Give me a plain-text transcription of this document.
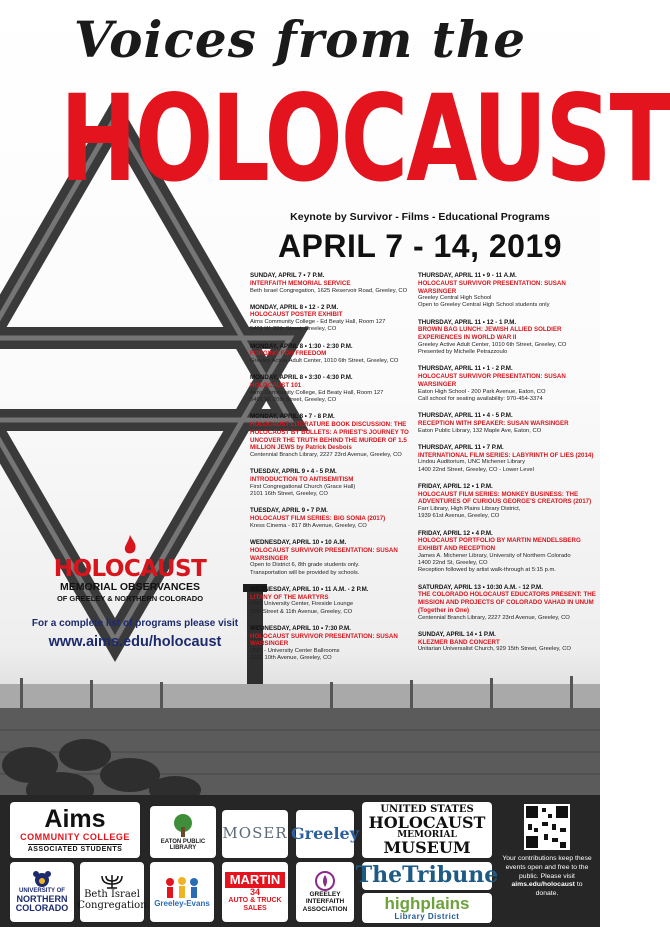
Voices from the
HOLOCAUST
Keynote by Survivor - Films - Educational Programs
APRIL 7 - 14, 2019
SUNDAY, APRIL 7 • 7 P.M.
INTERFAITH MEMORIAL SERVICE
Beth Israel Congregation, 1625 Reservoir Road, Greeley, CO
MONDAY, APRIL 8 • 12 - 2 P.M.
HOLOCAUST POSTER EXHIBIT
Aims Community College - Ed Beaty Hall, Room 127
5401 W. 20th Street, Greeley, CO
MONDAY, APRIL 8 • 1:30 - 2:30 P.M.
FORGING FOR FREEDOM
Greeley Active Adult Center, 1010 6th Street, Greeley, CO
MONDAY, APRIL 8 • 3:30 - 4:30 P.M.
HOLOCAUST 101
Aims Community College, Ed Beaty Hall, Room 127
5401 W. 20th Street, Greeley, CO
MONDAY, APRIL 8 • 7 - 8 P.M.
HOLOCAUST LITERATURE BOOK DISCUSSION: THE HOLOCAUST BY BULLETS: A PRIEST'S JOURNEY TO UNCOVER THE TRUTH BEHIND THE MURDER OF 1.5 MILLION JEWS by Patrick Desbois
Centennial Branch Library, 2227 23rd Avenue, Greeley, CO
TUESDAY, APRIL 9 • 4 - 5 P.M.
INTRODUCTION TO ANTISEMITISM
First Congregational Church (Grace Hall)
2101 16th Street, Greeley, CO
TUESDAY, APRIL 9 • 7 P.M.
HOLOCAUST FILM SERIES: BIG SONIA (2017)
Kress Cinema - 817 8th Avenue, Greeley, CO
WEDNESDAY, APRIL 10 • 10 A.M.
HOLOCAUST SURVIVOR PRESENTATION: SUSAN WARSINGER
Open to District 6, 8th grade students only.
Transportation will be provided by schools.
WEDNESDAY, APRIL 10 • 11 A.M. - 2 P.M.
LITANY OF THE MARTYRS
UNC University Center, Fireside Lounge
20th Street & 11th Avenue, Greeley, CO
WEDNESDAY, APRIL 10 • 7:30 P.M.
HOLOCAUST SURVIVOR PRESENTATION: SUSAN WARSINGER
UNC - University Center Ballrooms
2101 10th Avenue, Greeley, CO
THURSDAY, APRIL 11 • 9 - 11 A.M.
HOLOCAUST SURVIVOR PRESENTATION: SUSAN WARSINGER
Greeley Central High School
Open to Greeley Central High School students only
THURSDAY, APRIL 11 • 12 - 1 P.M.
BROWN BAG LUNCH: JEWISH ALLIED SOLDIER EXPERIENCES IN WORLD WAR II
Greeley Active Adult Center, 1010 6th Street, Greeley, CO
Presented by Michelle Petrazzoulo
THURSDAY, APRIL 11 • 1 - 2 P.M.
HOLOCAUST SURVIVOR PRESENTATION: SUSAN WARSINGER
Eaton High School - 200 Park Avenue, Eaton, CO
Call school for seating availability: 970-454-3374
THURSDAY, APRIL 11 • 4 - 5 P.M.
RECEPTION WITH SPEAKER: SUSAN WARSINGER
Eaton Public Library, 132 Maple Ave, Eaton, CO
THURSDAY, APRIL 11 • 7 P.M.
INTERNATIONAL FILM SERIES: LABYRINTH OF LIES (2014)
Lindou Auditorium, UNC Michener Library
1400 22nd Street, Greeley, CO - Lower Level
FRIDAY, APRIL 12 • 1 P.M.
HOLOCAUST FILM SERIES: MONKEY BUSINESS: THE ADVENTURES OF CURIOUS GEORGE'S CREATORS (2017)
Farr Library, High Plains Library District,
1939 61st Avenue, Greeley, CO
FRIDAY, APRIL 12 • 4 P.M.
HOLOCAUST PORTFOLIO BY MARTIN MENDELSBERG EXHIBIT AND RECEPTION
James A. Michener Library, University of Northern Colorado
1400 22nd St, Greeley, CO
Reception followed by artist walk-through at 5:15 p.m.
SATURDAY, APRIL 13 • 10:30 A.M. - 12 P.M.
THE COLORADO HOLOCAUST EDUCATORS PRESENT: THE MISSION AND PROJECTS OF COLORADO VAHAD IN UNUM (Together in One)
Centennial Branch Library, 2227 23rd Avenue, Greeley, CO
SUNDAY, APRIL 14 • 1 P.M.
KLEZMER BAND CONCERT
Unitarian Universalist Church, 929 15th Street, Greeley, CO
HOLOCAUST
MEMORIAL OBSERVANCES
OF GREELEY & NORTHERN COLORADO
For a complete list of programs please visit
www.aims.edu/holocaust
Aims
COMMUNITY COLLEGE
ASSOCIATED STUDENTS
EATON PUBLIC LIBRARY
MOSER Greeley
UNITED STATES
HOLOCAUST
MEMORIAL
MUSEUM
UNIVERSITY OF
NORTHERN
COLORADO
Beth Israel
Congregation Greeley-Evans
MARTIN
34
AUTO & TRUCK SALES
GREELEY
INTERFAITH
ASSOCIATION
TheTribune
highplains
Library District
Your contributions keep these events open and free to the public. Please visit aims.edu/holocaust to donate.
